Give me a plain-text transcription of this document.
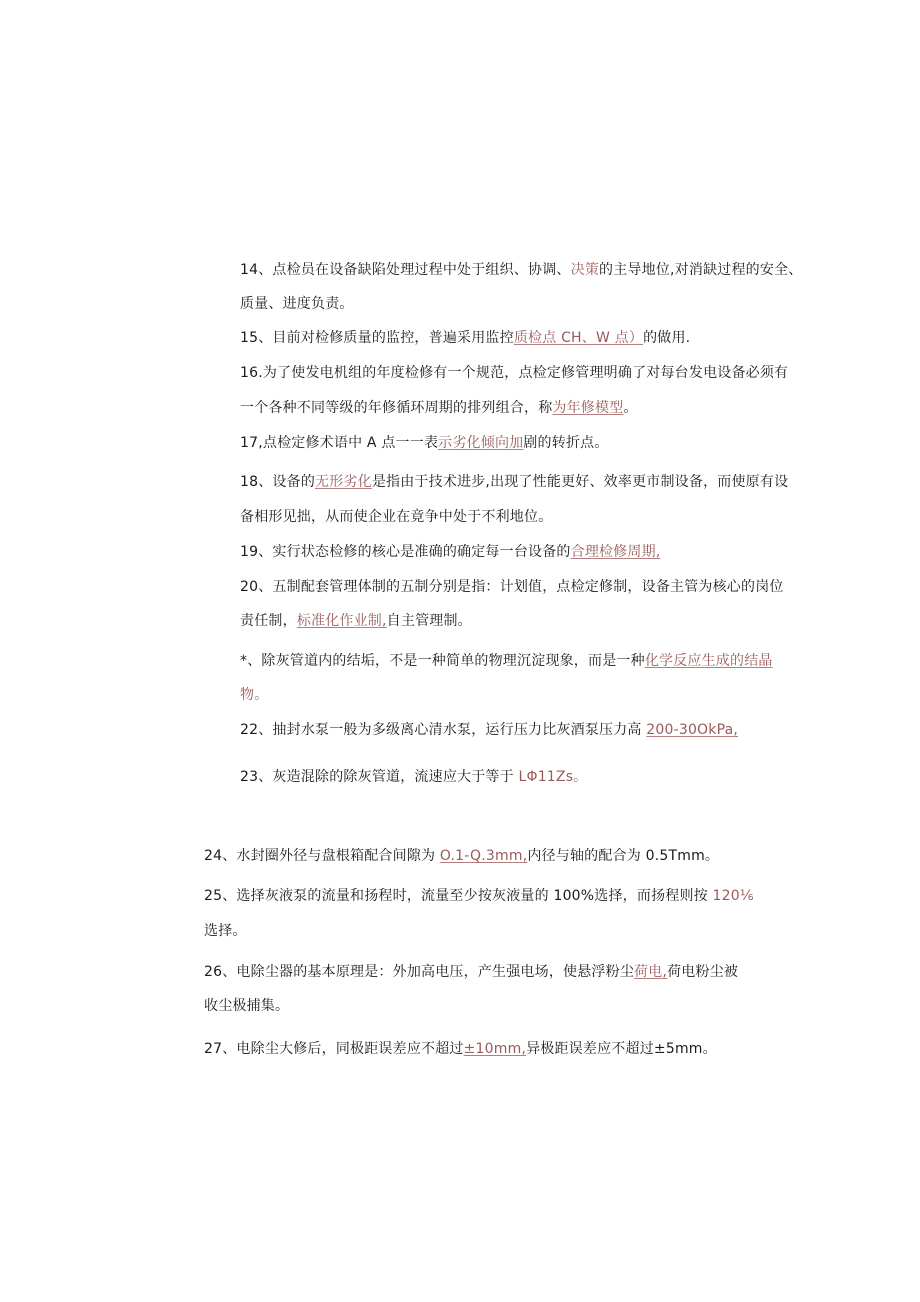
14、点检员在设备缺陷处理过程中处于组织、协调、决策的主导地位,对消缺过程的安全、
质量、进度负责。
15、目前对检修质量的监控，普遍采用监控质检点 CH、W 点）的做用.
16.为了使发电机组的年度检修有一个规范，点检定修管理明确了对每台发电设备必须有
一个各种不同等级的年修循环周期的排列组合，称为年修模型。
17,点检定修术语中 A 点一一表示劣化倾向加剧的转折点。
18、设备的无形劣化是指由于技术进步,出现了性能更好、效率更市制设备，而使原有设
备相形见拙，从而使企业在竟争中处于不利地位。
19、实行状态检修的核心是准确的确定每一台设备的合理检修周期,
20、五制配套管理体制的五制分别是指：计划值，点检定修制，设备主管为核心的岗位
责任制，标准化作业制,自主管理制。
*、除灰管道内的结垢，不是一种简单的物理沉淀现象，而是一种化学反应生成的结晶
物。
22、抽封水泵一般为多级离心清水泵，运行压力比灰酒泵压力高 200-30OkPa,
23、灰造混除的除灰管道，流速应大于等于 LΦ11Zs。
24、水封圈外径与盘根箱配合间隙为 O.1-Q.3mm,内径与轴的配合为 0.5Tmm。
25、选择灰液泵的流量和扬程时，流量至少按灰液量的 100%选择，而扬程则按 120⅙
选择。
26、电除尘器的基本原理是：外加高电压，产生强电场，使悬浮粉尘荷电,荷电粉尘被
收尘极捕集。
27、电除尘大修后，同极距误差应不超过±10mm,异极距误差应不超过±5mm。
